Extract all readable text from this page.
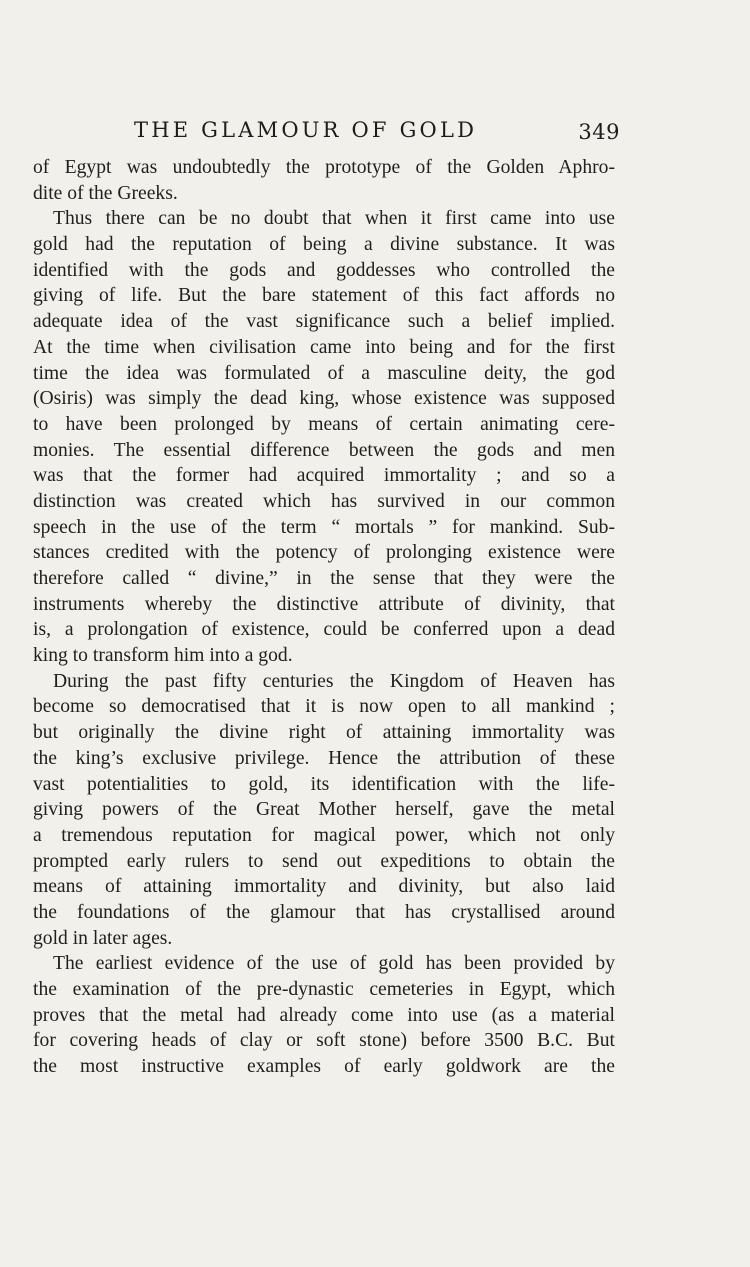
THE GLAMOUR OF GOLD	349

of Egypt was undoubtedly the prototype of the Golden Aphro-
dite of the Greeks.

Thus there can be no doubt that when it first came into use
gold had the reputation of being a divine substance. It was
identified with the gods and goddesses who controlled the
giving of life. But the bare statement of this fact affords no
adequate idea of the vast significance such a belief implied.
At the time when civilisation came into being and for the first
time the idea was formulated of a masculine deity, the god
(Osiris) was simply the dead king, whose existence was supposed
to have been prolonged by means of certain animating cere-
monies. The essential difference between the gods and men
was that the former had acquired immortality ; and so a
distinction was created which has survived in our common
speech in the use of the term “ mortals ” for mankind. Sub-
stances credited with the potency of prolonging existence were
therefore called “ divine,” in the sense that they were the
instruments whereby the distinctive attribute of divinity, that
is, a prolongation of existence, could be conferred upon a dead
king to transform him into a god.

During the past fifty centuries the Kingdom of Heaven has
become so democratised that it is now open to all mankind ;
but originally the divine right of attaining immortality was
the king’s exclusive privilege. Hence the attribution of these
vast potentialities to gold, its identification with the life-
giving powers of the Great Mother herself, gave the metal
a tremendous reputation for magical power, which not only
prompted early rulers to send out expeditions to obtain the
means of attaining immortality and divinity, but also laid
the foundations of the glamour that has crystallised around
gold in later ages.

The earliest evidence of the use of gold has been provided by
the examination of the pre-dynastic cemeteries in Egypt, which
proves that the metal had already come into use (as a material
for covering heads of clay or soft stone) before 3500 B.C. But
the most instructive examples of early goldwork are the
